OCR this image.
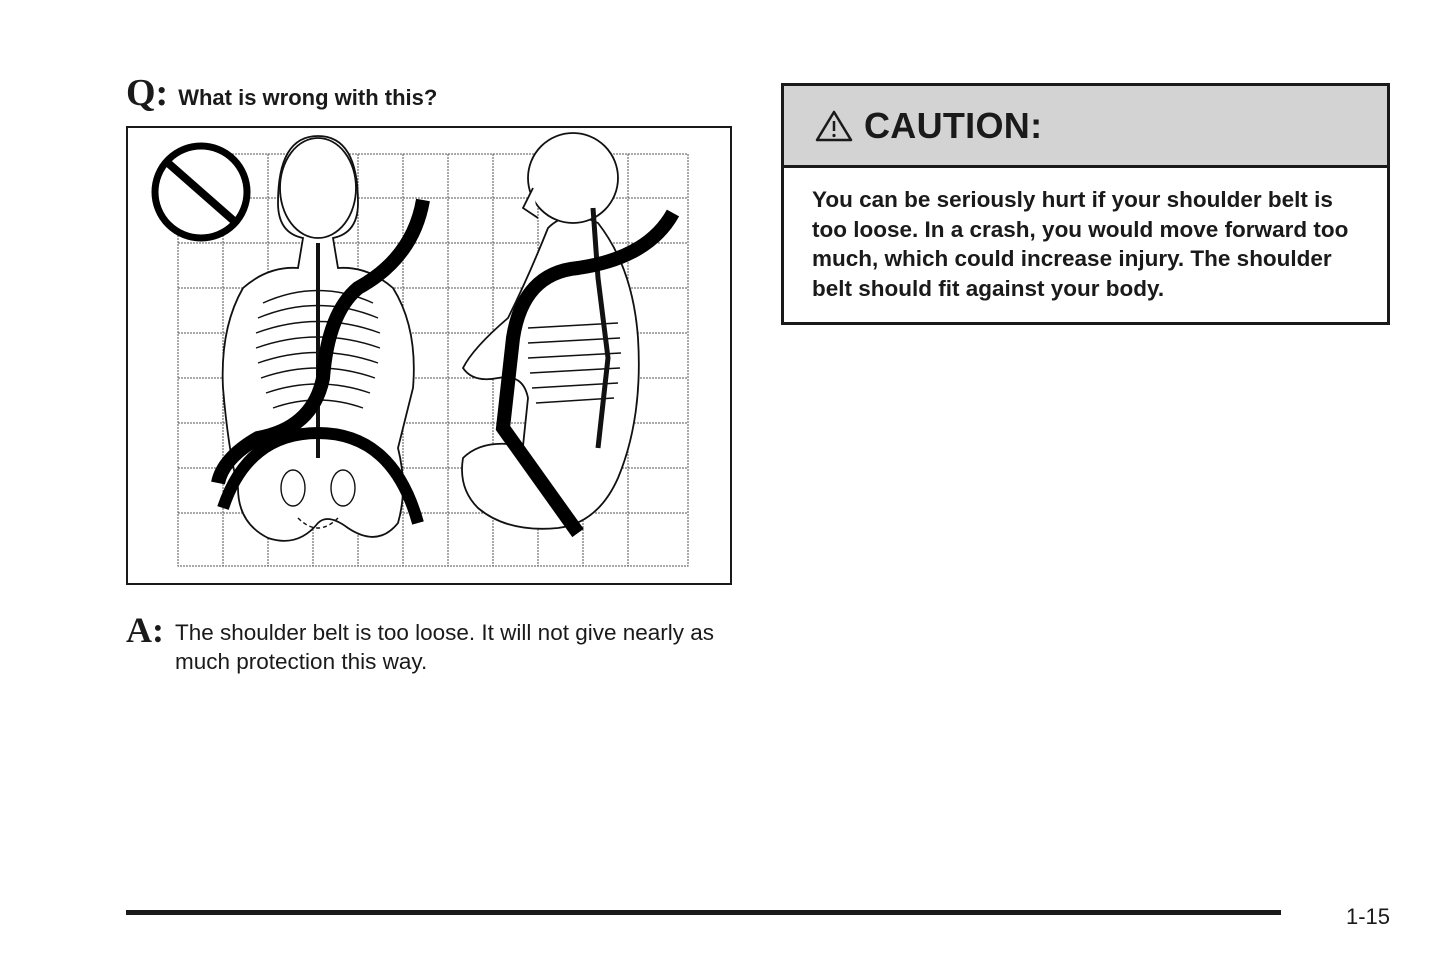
Q: What is wrong with this?
A: The shoulder belt is too loose. It will not give nearly as much protection this way.
CAUTION:
You can be seriously hurt if your shoulder belt is too loose. In a crash, you would move forward too much, which could increase injury. The shoulder belt should fit against your body.
1-15
